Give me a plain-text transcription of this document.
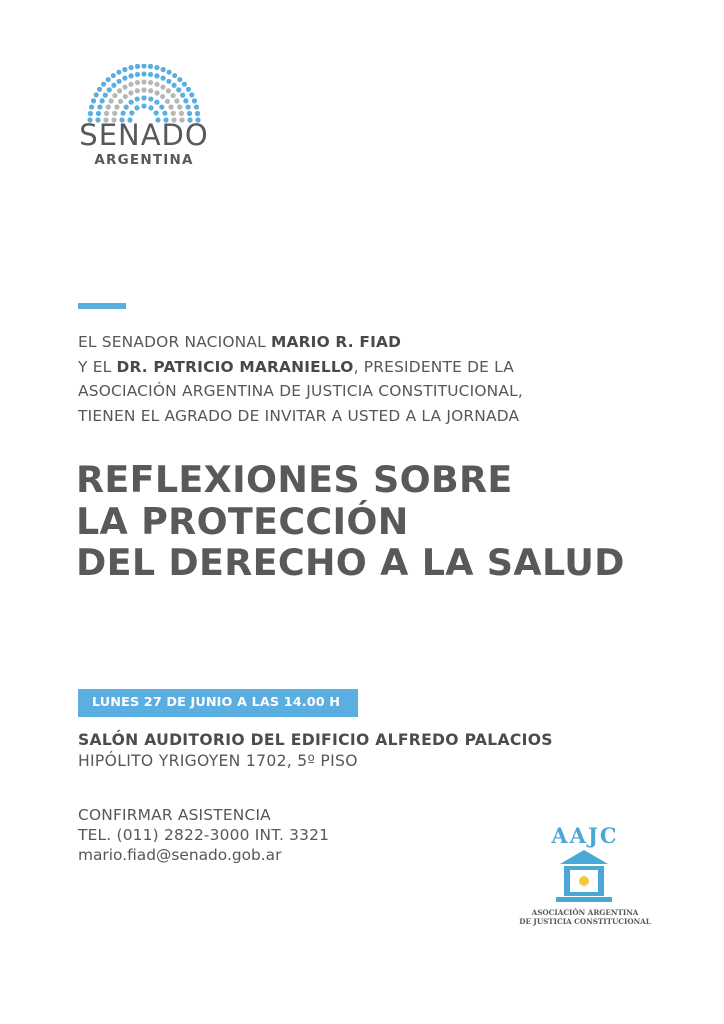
SENADO
ARGENTINA
EL SENADOR NACIONAL MARIO R. FIAD
Y EL DR. PATRICIO MARANIELLO, PRESIDENTE DE LA
ASOCIACIÓN ARGENTINA DE JUSTICIA CONSTITUCIONAL,
TIENEN EL AGRADO DE INVITAR A USTED A LA JORNADA
REFLEXIONES SOBRE
LA PROTECCIÓN
DEL DERECHO A LA SALUD
LUNES 27 DE JUNIO A LAS 14.00 H
SALÓN AUDITORIO DEL EDIFICIO ALFREDO PALACIOS
HIPÓLITO YRIGOYEN 1702, 5º PISO
CONFIRMAR ASISTENCIA
TEL. (011) 2822-3000 INT. 3321
mario.fiad@senado.gob.ar
AAJC
ASOCIACIÓN ARGENTINA
DE JUSTICIA CONSTITUCIONAL
